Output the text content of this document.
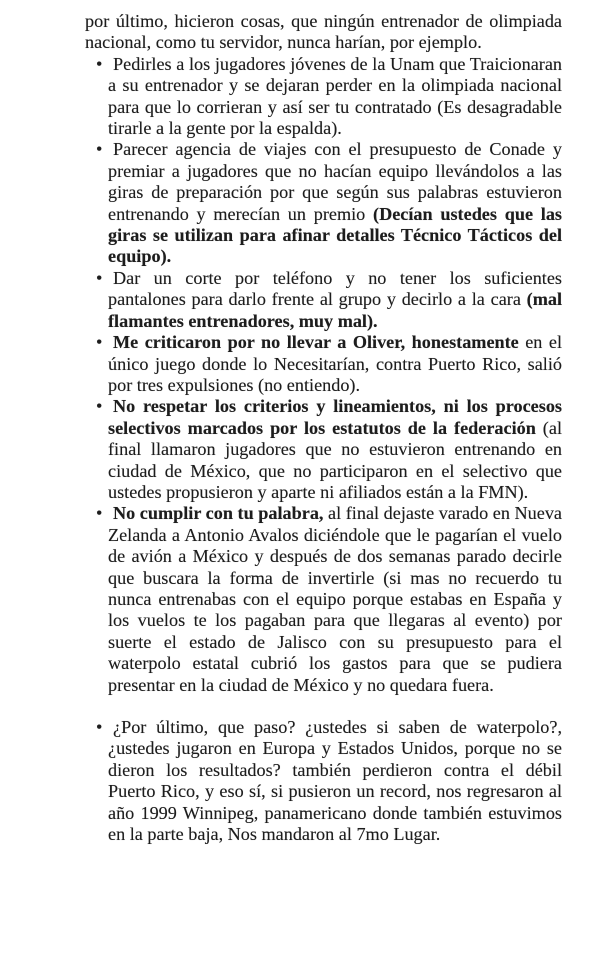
por último, hicieron cosas, que ningún entrenador de olimpiada nacional, como tu servidor, nunca harían, por ejemplo.

• Pedirles a los jugadores jóvenes de la Unam que Traicionaran a su entrenador y se dejaran perder en la olimpiada nacional para que lo corrieran y así ser tu contratado (Es desagradable tirarle a la gente por la espalda).
• Parecer agencia de viajes con el presupuesto de Conade y premiar a jugadores que no hacían equipo llevándolos a las giras de preparación por que según sus palabras estuvieron entrenando y merecían un premio (Decían ustedes que las giras se utilizan para afinar detalles Técnico Tácticos del equipo).
• Dar un corte por teléfono y no tener los suficientes pantalones para darlo frente al grupo y decirlo a la cara (mal flamantes entrenadores, muy mal).
• Me criticaron por no llevar a Oliver, honestamente en el único juego donde lo Necesitarían, contra Puerto Rico, salió por tres expulsiones (no entiendo).
• No respetar los criterios y lineamientos, ni los procesos selectivos marcados por los estatutos de la federación (al final llamaron jugadores que no estuvieron entrenando en ciudad de México, que no participaron en el selectivo que ustedes propusieron y aparte ni afiliados están a la FMN).
• No cumplir con tu palabra, al final dejaste varado en Nueva Zelanda a Antonio Avalos diciéndole que le pagarían el vuelo de avión a México y después de dos semanas parado decirle que buscara la forma de invertirle (si mas no recuerdo tu nunca entrenabas con el equipo porque estabas en España y los vuelos te los pagaban para que llegaras al evento) por suerte el estado de Jalisco con su presupuesto para el waterpolo estatal cubrió los gastos para que se pudiera presentar en la ciudad de México y no quedara fuera.
• ¿Por último, que paso? ¿ustedes si saben de waterpolo?, ¿ustedes jugaron en Europa y Estados Unidos, porque no se dieron los resultados? también perdieron contra el débil Puerto Rico, y eso sí, si pusieron un record, nos regresaron al año 1999 Winnipeg, panamericano donde también estuvimos en la parte baja, Nos mandaron al 7mo Lugar.
